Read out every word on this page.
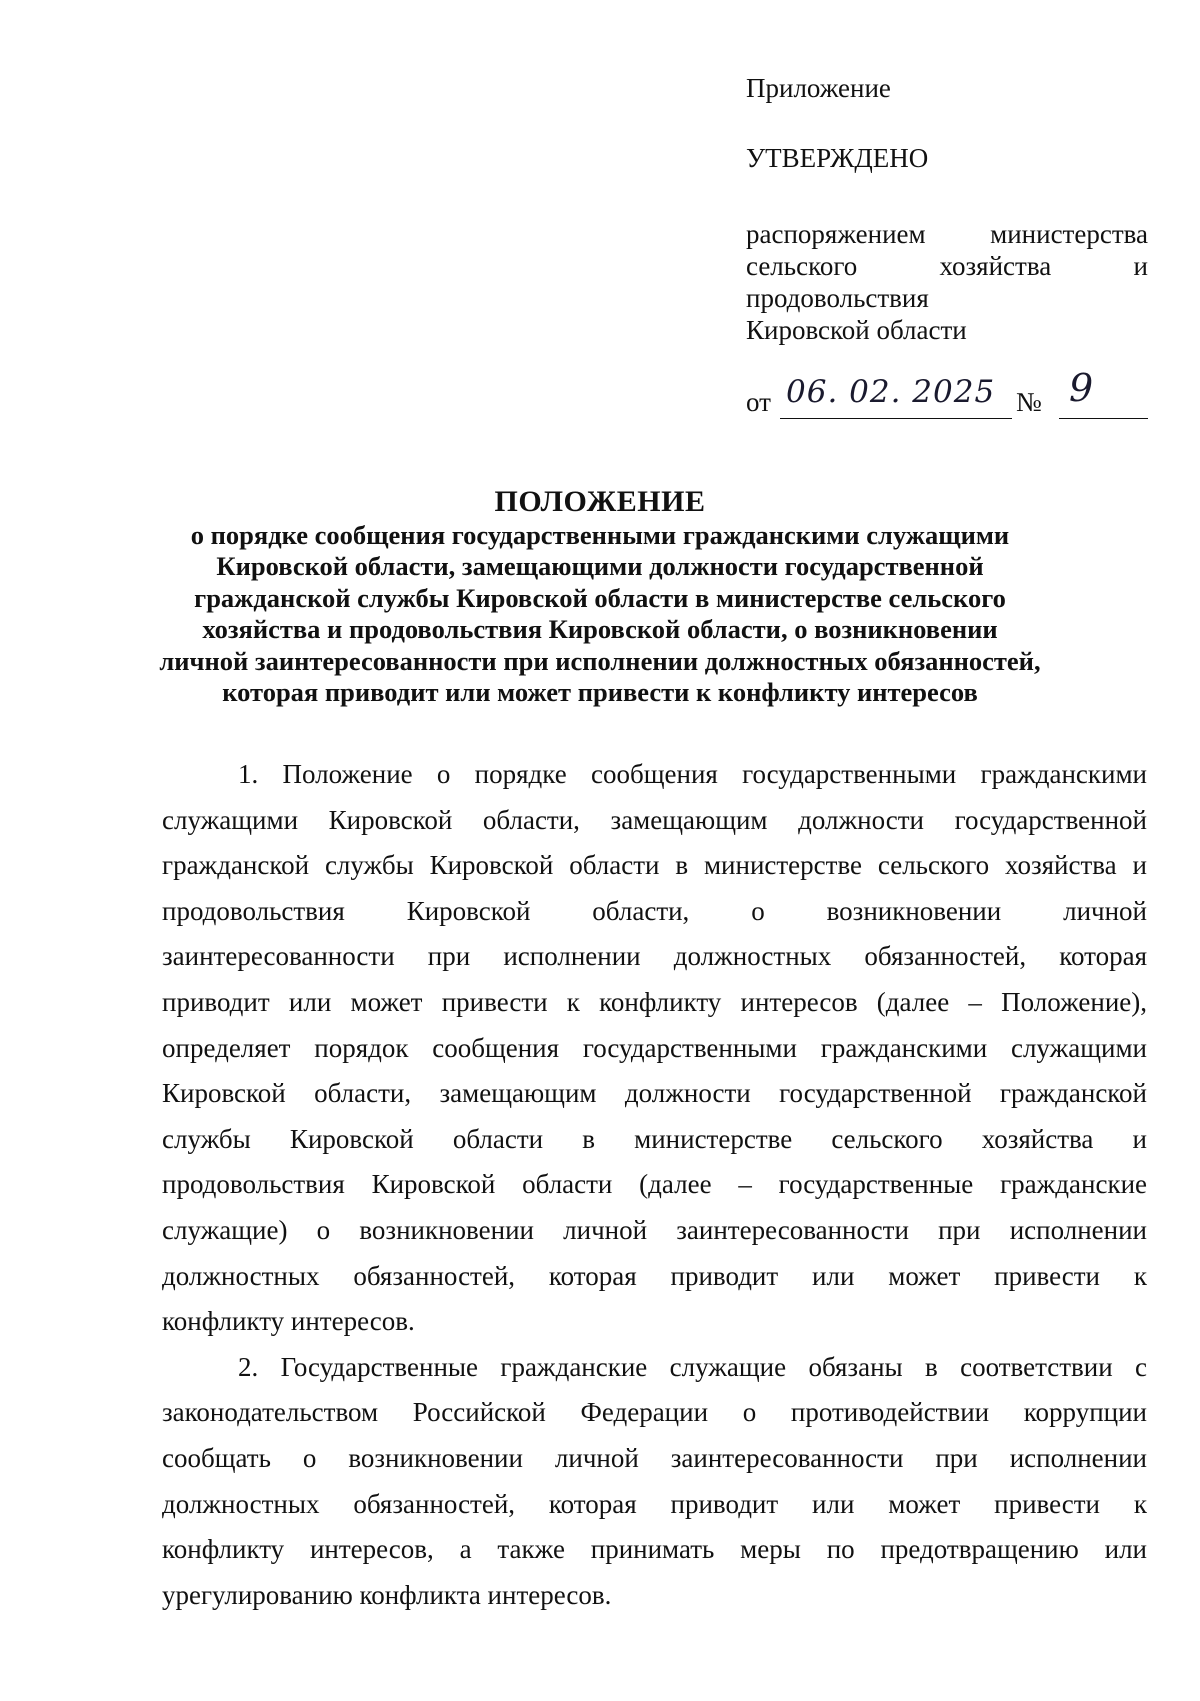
Приложение
УТВЕРЖДЕНО
распоряжением министерства
сельского хозяйства и
продовольствия
Кировской области
от 06. 02. 2025 № 9
ПОЛОЖЕНИЕ
о порядке сообщения государственными гражданскими служащими
Кировской области, замещающими должности государственной
гражданской службы Кировской области в министерстве сельского
хозяйства и продовольствия Кировской области, о возникновении
личной заинтересованности при исполнении должностных обязанностей,
которая приводит или может привести к конфликту интересов
1. Положение о порядке сообщения государственными гражданскими
служащими Кировской области, замещающим должности государственной
гражданской службы Кировской области в министерстве сельского хозяйства и
продовольствия Кировской области, о возникновении личной
заинтересованности при исполнении должностных обязанностей, которая
приводит или может привести к конфликту интересов (далее – Положение),
определяет порядок сообщения государственными гражданскими служащими
Кировской области, замещающим должности государственной гражданской
службы Кировской области в министерстве сельского хозяйства и
продовольствия Кировской области (далее – государственные гражданские
служащие) о возникновении личной заинтересованности при исполнении
должностных обязанностей, которая приводит или может привести к
конфликту интересов.
2. Государственные гражданские служащие обязаны в соответствии с
законодательством Российской Федерации о противодействии коррупции
сообщать о возникновении личной заинтересованности при исполнении
должностных обязанностей, которая приводит или может привести к
конфликту интересов, а также принимать меры по предотвращению или
урегулированию конфликта интересов.
